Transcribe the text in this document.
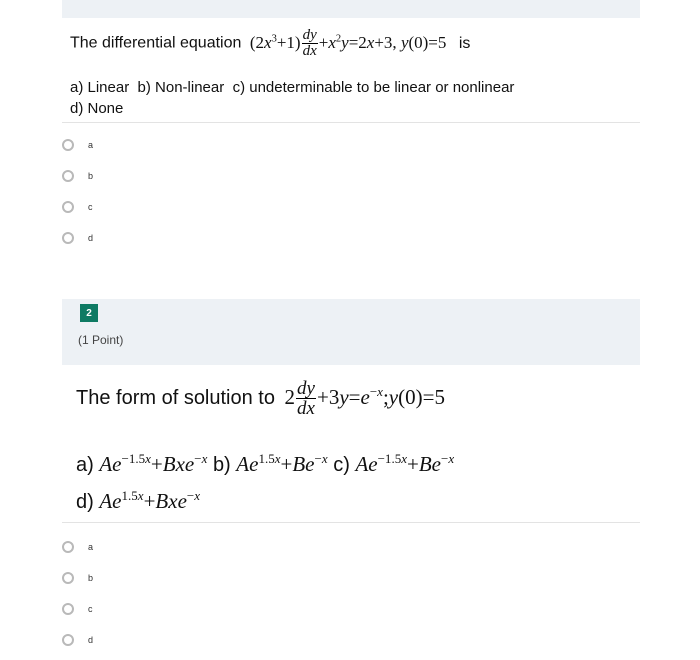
The differential equation $(2x^3+1) \frac{dy}{dx} +x^2y=2x+3$, y(0)=5 is
a) Linear  b) Non-linear  c) undeterminable to be linear or nonlinear
d) None
a
b
c
d
2
(1 Point)
The form of solution to $2 \frac{dy}{dx}$ $+3y=e^{-x};y(0)=5$
a) $Ae^{-1.5x}+Bxe^{-x}$ b) $Ae^{1.5x}+Be^{-x}$ c) $Ae^{-1.5x}+Be^{-x}$
d) $Ae^{1.5x}+Bxe^{-x}$
a
b
c
d
